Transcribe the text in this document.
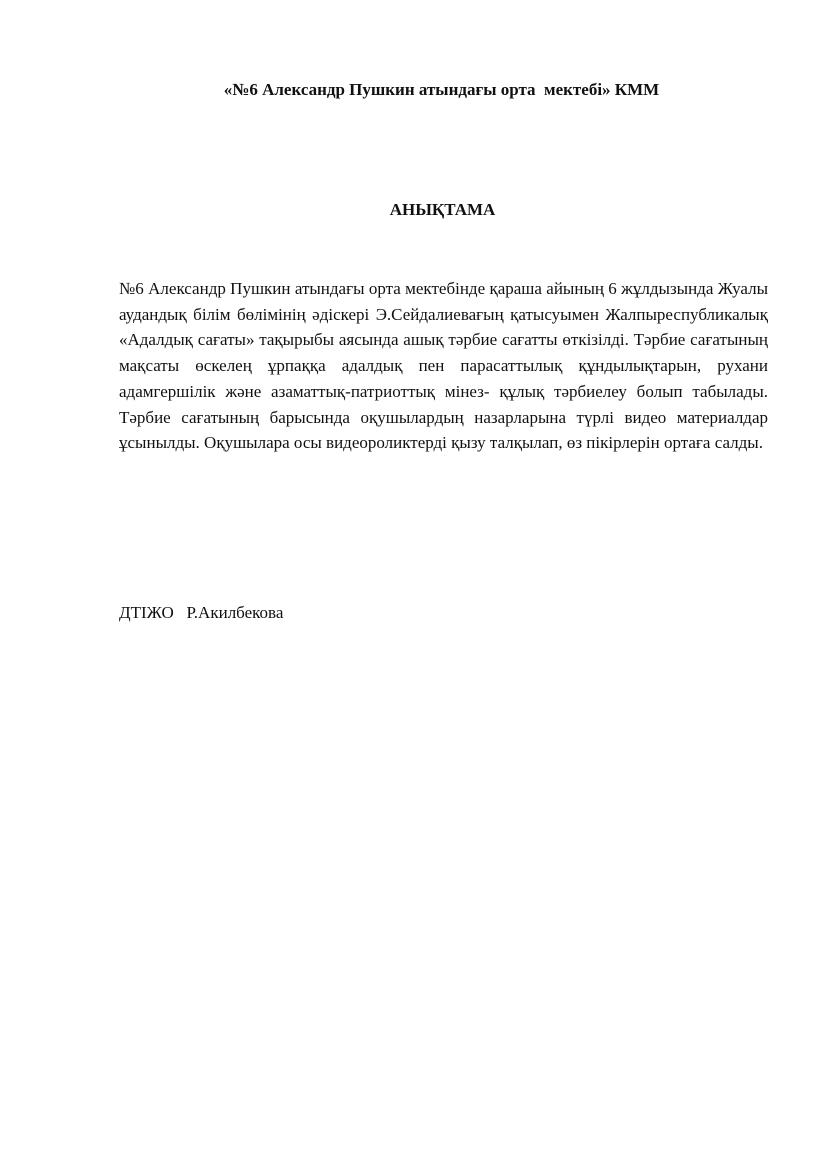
«№6 Александр Пушкин атындағы орта  мектебі» КММ
АНЫҚТАМА

№6 Александр Пушкин атындағы орта мектебінде қараша айының 6 жұлдызында Жуалы аудандық білім бөлімінің әдіскері Э.Сейдалиевағың қатысуымен Жалпыреспубликалық «Адалдық сағаты» тақырыбы аясында ашық тәрбие сағатты өткізілді. Тәрбие сағатының мақсаты өскелең ұрпаққа адалдық пен парасаттылық құндылықтарын, рухани адамгершілік және азаматтық-патриоттық мінез- құлық тәрбиелеу болып табылады. Тәрбие сағатының барысында оқушылардың назарларына түрлі видео материалдар ұсынылды. Оқушылара осы видеороликтерді қызу талқылап, өз пікірлерін ортаға салды.

ДТІЖО   Р.Акилбекова
